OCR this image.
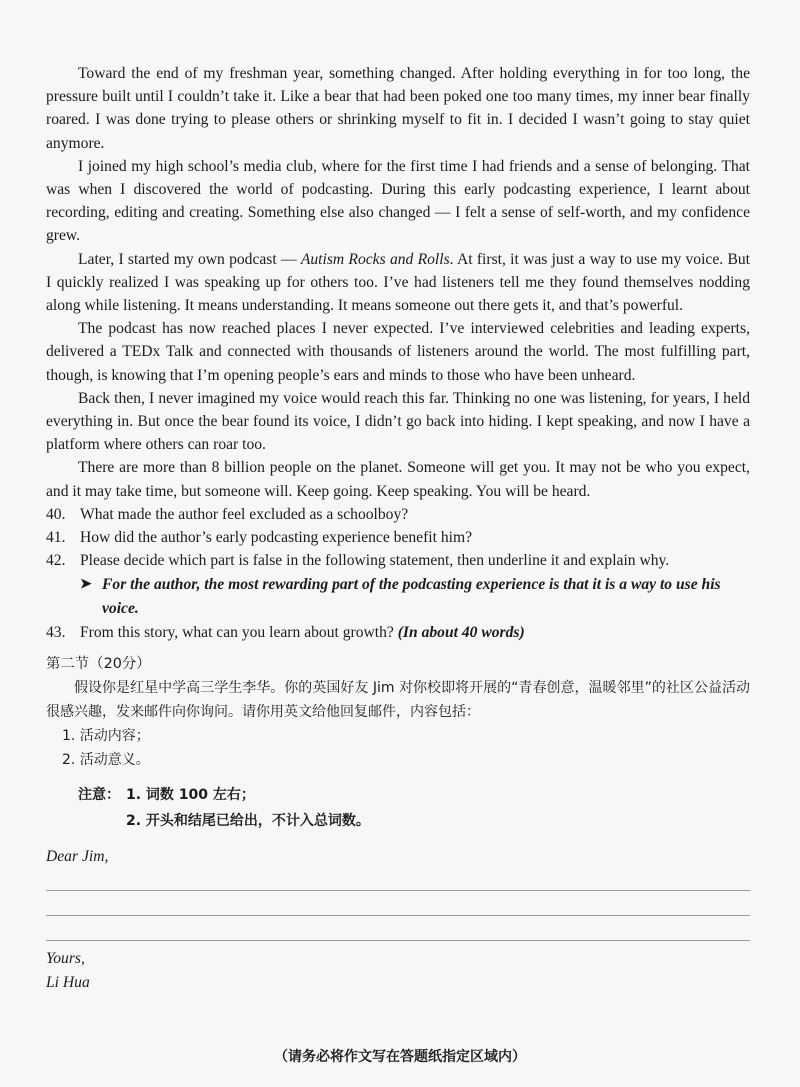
Toward the end of my freshman year, something changed. After holding everything in for too long, the pressure built until I couldn’t take it. Like a bear that had been poked one too many times, my inner bear finally roared. I was done trying to please others or shrinking myself to fit in. I decided I wasn’t going to stay quiet anymore.

I joined my high school’s media club, where for the first time I had friends and a sense of belonging. That was when I discovered the world of podcasting. During this early podcasting experience, I learnt about recording, editing and creating. Something else also changed — I felt a sense of self-worth, and my confidence grew.

Later, I started my own podcast — Autism Rocks and Rolls. At first, it was just a way to use my voice. But I quickly realized I was speaking up for others too. I’ve had listeners tell me they found themselves nodding along while listening. It means understanding. It means someone out there gets it, and that’s powerful.

The podcast has now reached places I never expected. I’ve interviewed celebrities and leading experts, delivered a TEDx Talk and connected with thousands of listeners around the world. The most fulfilling part, though, is knowing that I’m opening people’s ears and minds to those who have been unheard.

Back then, I never imagined my voice would reach this far. Thinking no one was listening, for years, I held everything in. But once the bear found its voice, I didn’t go back into hiding. I kept speaking, and now I have a platform where others can roar too.

There are more than 8 billion people on the planet. Someone will get you. It may not be who you expect, and it may take time, but someone will. Keep going. Keep speaking. You will be heard.

40. What made the author feel excluded as a schoolboy?
41. How did the author’s early podcasting experience benefit him?
42. Please decide which part is false in the following statement, then underline it and explain why.
➤ For the author, the most rewarding part of the podcasting experience is that it is a way to use his voice.
43. From this story, what can you learn about growth? (In about 40 words)
第二节（20分）

假设你是红星中学高三学生李华。你的英国好友 Jim 对你校即将开展的“青春创意，温暖邻里”的社区公益活动很感兴趣，发来邮件向你询问。请你用英文给他回复邮件，内容包括：

1. 活动内容；
2. 活动意义。
注意： 1. 词数 100 左右；
2. 开头和结尾已给出，不计入总词数。
Dear Jim,
Yours,
Li Hua
（请务必将作文写在答题纸指定区域内）
